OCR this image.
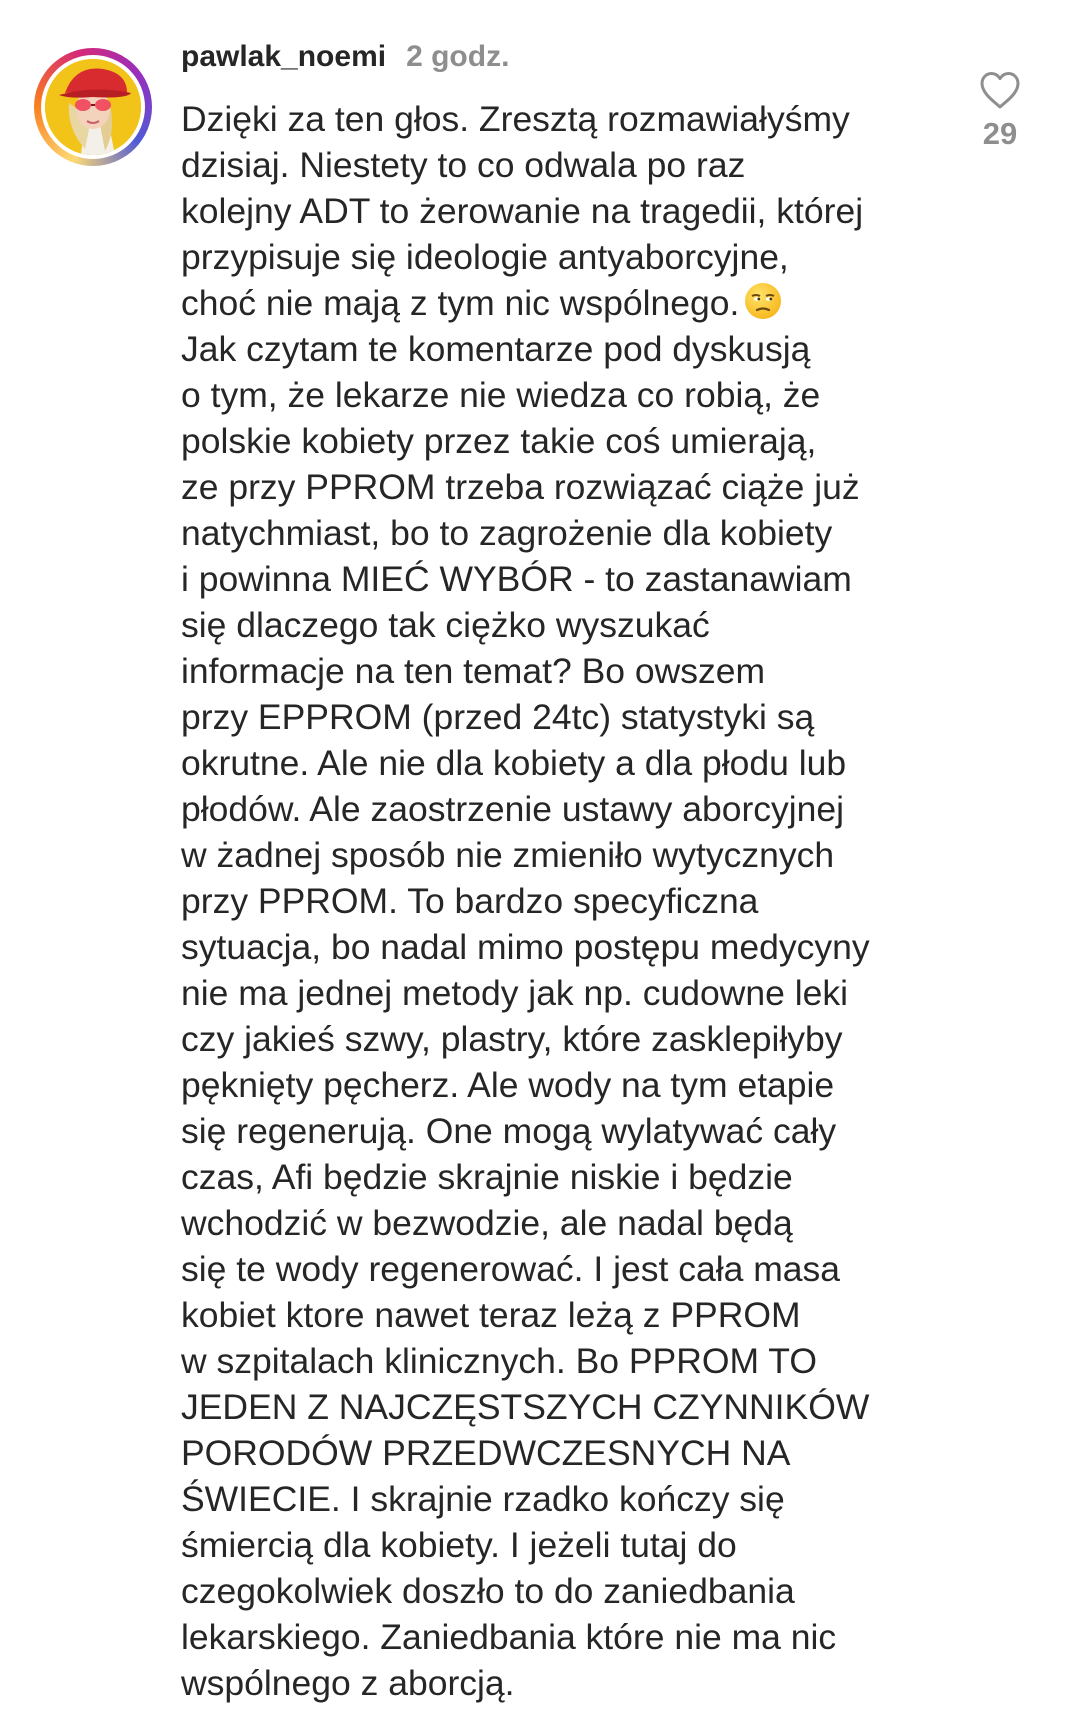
pawlak_noemi 2 godz.

Dzięki za ten głos. Zresztą rozmawiałyśmy
dzisiaj. Niestety to co odwala po raz
kolejny ADT to żerowanie na tragedii, której
przypisuje się ideologie antyaborcyjne,
choć nie mają z tym nic wspólnego.
Jak czytam te komentarze pod dyskusją
o tym, że lekarze nie wiedza co robią, że
polskie kobiety przez takie coś umierają,
ze przy PPROM trzeba rozwiązać ciąże już
natychmiast, bo to zagrożenie dla kobiety
i powinna MIEĆ WYBÓR - to zastanawiam
się dlaczego tak ciężko wyszukać
informacje na ten temat? Bo owszem
przy EPPROM (przed 24tc) statystyki są
okrutne. Ale nie dla kobiety a dla płodu lub
płodów. Ale zaostrzenie ustawy aborcyjnej
w żadnej sposób nie zmieniło wytycznych
przy PPROM. To bardzo specyficzna
sytuacja, bo nadal mimo postępu medycyny
nie ma jednej metody jak np. cudowne leki
czy jakieś szwy, plastry, które zasklepiłyby
pęknięty pęcherz. Ale wody na tym etapie
się regenerują. One mogą wylatywać cały
czas, Afi będzie skrajnie niskie i będzie
wchodzić w bezwodzie, ale nadal będą
się te wody regenerować. I jest cała masa
kobiet ktore nawet teraz leżą z PPROM
w szpitalach klinicznych. Bo PPROM TO
JEDEN Z NAJCZĘSTSZYCH CZYNNIKÓW
PORODÓW PRZEDWCZESNYCH NA
ŚWIECIE. I skrajnie rzadko kończy się
śmiercią dla kobiety. I jeżeli tutaj do
czegokolwiek doszło to do zaniedbania
lekarskiego. Zaniedbania które nie ma nic
wspólnego z aborcją.

29
